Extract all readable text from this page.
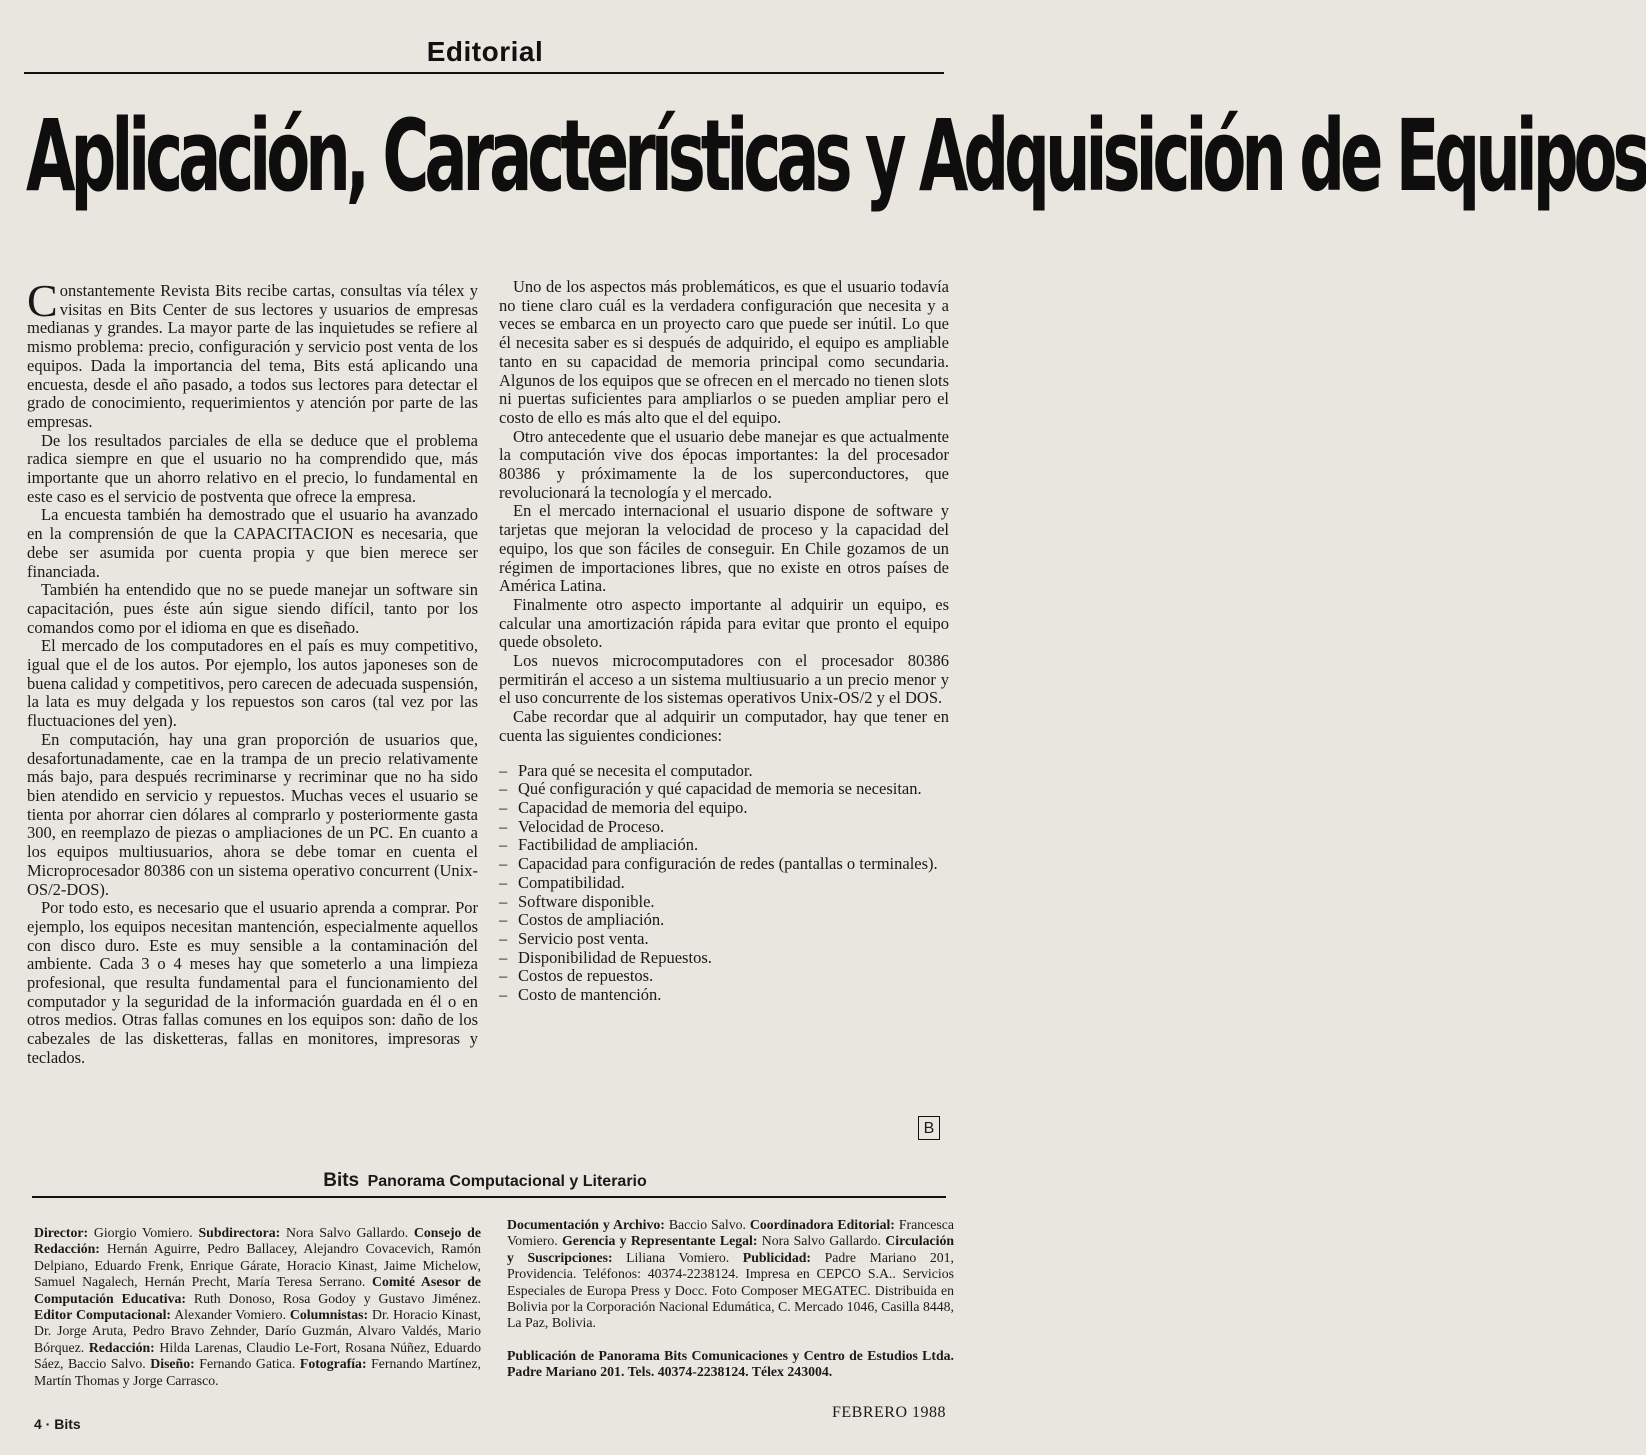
Editorial
Aplicación, Características y Adquisición de Equipos

Constantemente Revista Bits recibe cartas, consultas vía télex y visitas en Bits Center de sus lectores y usuarios de empresas medianas y grandes. La mayor parte de las inquietudes se refiere al mismo problema: precio, configuración y servicio post venta de los equipos. Dada la importancia del tema, Bits está aplicando una encuesta, desde el año pasado, a todos sus lectores para detectar el grado de conocimiento, requerimientos y atención por parte de las empresas.

De los resultados parciales de ella se deduce que el problema radica siempre en que el usuario no ha comprendido que, más importante que un ahorro relativo en el precio, lo fundamental en este caso es el servicio de postventa que ofrece la empresa.

La encuesta también ha demostrado que el usuario ha avanzado en la comprensión de que la CAPACITACION es necesaria, que debe ser asumida por cuenta propia y que bien merece ser financiada.

También ha entendido que no se puede manejar un software sin capacitación, pues éste aún sigue siendo difícil, tanto por los comandos como por el idioma en que es diseñado.

El mercado de los computadores en el país es muy competitivo, igual que el de los autos. Por ejemplo, los autos japoneses son de buena calidad y competitivos, pero carecen de adecuada suspensión, la lata es muy delgada y los repuestos son caros (tal vez por las fluctuaciones del yen).

En computación, hay una gran proporción de usuarios que, desafortunadamente, cae en la trampa de un precio relativamente más bajo, para después recriminarse y recriminar que no ha sido bien atendido en servicio y repuestos. Muchas veces el usuario se tienta por ahorrar cien dólares al comprarlo y posteriormente gasta 300, en reemplazo de piezas o ampliaciones de un PC. En cuanto a los equipos multiusuarios, ahora se debe tomar en cuenta el Microprocesador 80386 con un sistema operativo concurrent (Unix-OS/2-DOS).

Por todo esto, es necesario que el usuario aprenda a comprar. Por ejemplo, los equipos necesitan mantención, especialmente aquellos con disco duro. Este es muy sensible a la contaminación del ambiente. Cada 3 o 4 meses hay que someterlo a una limpieza profesional, que resulta fundamental para el funcionamiento del computador y la seguridad de la información guardada en él o en otros medios. Otras fallas comunes en los equipos son: daño de los cabezales de las disketteras, fallas en monitores, impresoras y teclados.

Uno de los aspectos más problemáticos, es que el usuario todavía no tiene claro cuál es la verdadera configuración que necesita y a veces se embarca en un proyecto caro que puede ser inútil. Lo que él necesita saber es si después de adquirido, el equipo es ampliable tanto en su capacidad de memoria principal como secundaria. Algunos de los equipos que se ofrecen en el mercado no tienen slots ni puertas suficientes para ampliarlos o se pueden ampliar pero el costo de ello es más alto que el del equipo.

Otro antecedente que el usuario debe manejar es que actualmente la computación vive dos épocas importantes: la del procesador 80386 y próximamente la de los superconductores, que revolucionará la tecnología y el mercado.

En el mercado internacional el usuario dispone de software y tarjetas que mejoran la velocidad de proceso y la capacidad del equipo, los que son fáciles de conseguir. En Chile gozamos de un régimen de importaciones libres, que no existe en otros países de América Latina.

Finalmente otro aspecto importante al adquirir un equipo, es calcular una amortización rápida para evitar que pronto el equipo quede obsoleto.

Los nuevos microcomputadores con el procesador 80386 permitirán el acceso a un sistema multiusuario a un precio menor y el uso concurrente de los sistemas operativos Unix-OS/2 y el DOS.

Cabe recordar que al adquirir un computador, hay que tener en cuenta las siguientes condiciones:

– Para qué se necesita el computador.
– Qué configuración y qué capacidad de memoria se necesitan.
– Capacidad de memoria del equipo.
– Velocidad de Proceso.
– Factibilidad de ampliación.
– Capacidad para configuración de redes (pantallas o terminales).
– Compatibilidad.
– Software disponible.
– Costos de ampliación.
– Servicio post venta.
– Disponibilidad de Repuestos.
– Costos de repuestos.
– Costo de mantención.
B
Bits Panorama Computacional y Literario
Director: Giorgio Vomiero. Subdirectora: Nora Salvo Gallardo. Consejo de Redacción: Hernán Aguirre, Pedro Ballacey, Alejandro Covacevich, Ramón Delpiano, Eduardo Frenk, Enrique Gárate, Horacio Kinast, Jaime Michelow, Samuel Nagalech, Hernán Precht, María Teresa Serrano. Comité Asesor de Computación Educativa: Ruth Donoso, Rosa Godoy y Gustavo Jiménez. Editor Computacional: Alexander Vomiero. Columnistas: Dr. Horacio Kinast, Dr. Jorge Aruta, Pedro Bravo Zehnder, Darío Guzmán, Alvaro Valdés, Mario Bórquez. Redacción: Hilda Larenas, Claudio Le-Fort, Rosana Núñez, Eduardo Sáez, Baccio Salvo. Diseño: Fernando Gatica. Fotografía: Fernando Martínez, Martín Thomas y Jorge Carrasco.
Documentación y Archivo: Baccio Salvo. Coordinadora Editorial: Francesca Vomiero. Gerencia y Representante Legal: Nora Salvo Gallardo. Circulación y Suscripciones: Liliana Vomiero. Publicidad: Padre Mariano 201, Providencia. Teléfonos: 40374-2238124. Impresa en CEPCO S.A.. Servicios Especiales de Europa Press y Docc. Foto Composer MEGATEC. Distribuida en Bolivia por la Corporación Nacional Edumática, C. Mercado 1046, Casilla 8448, La Paz, Bolivia.
Publicación de Panorama Bits Comunicaciones y Centro de Estudios Ltda. Padre Mariano 201. Tels. 40374-2238124. Télex 243004.
4 · Bits
FEBRERO 1988
